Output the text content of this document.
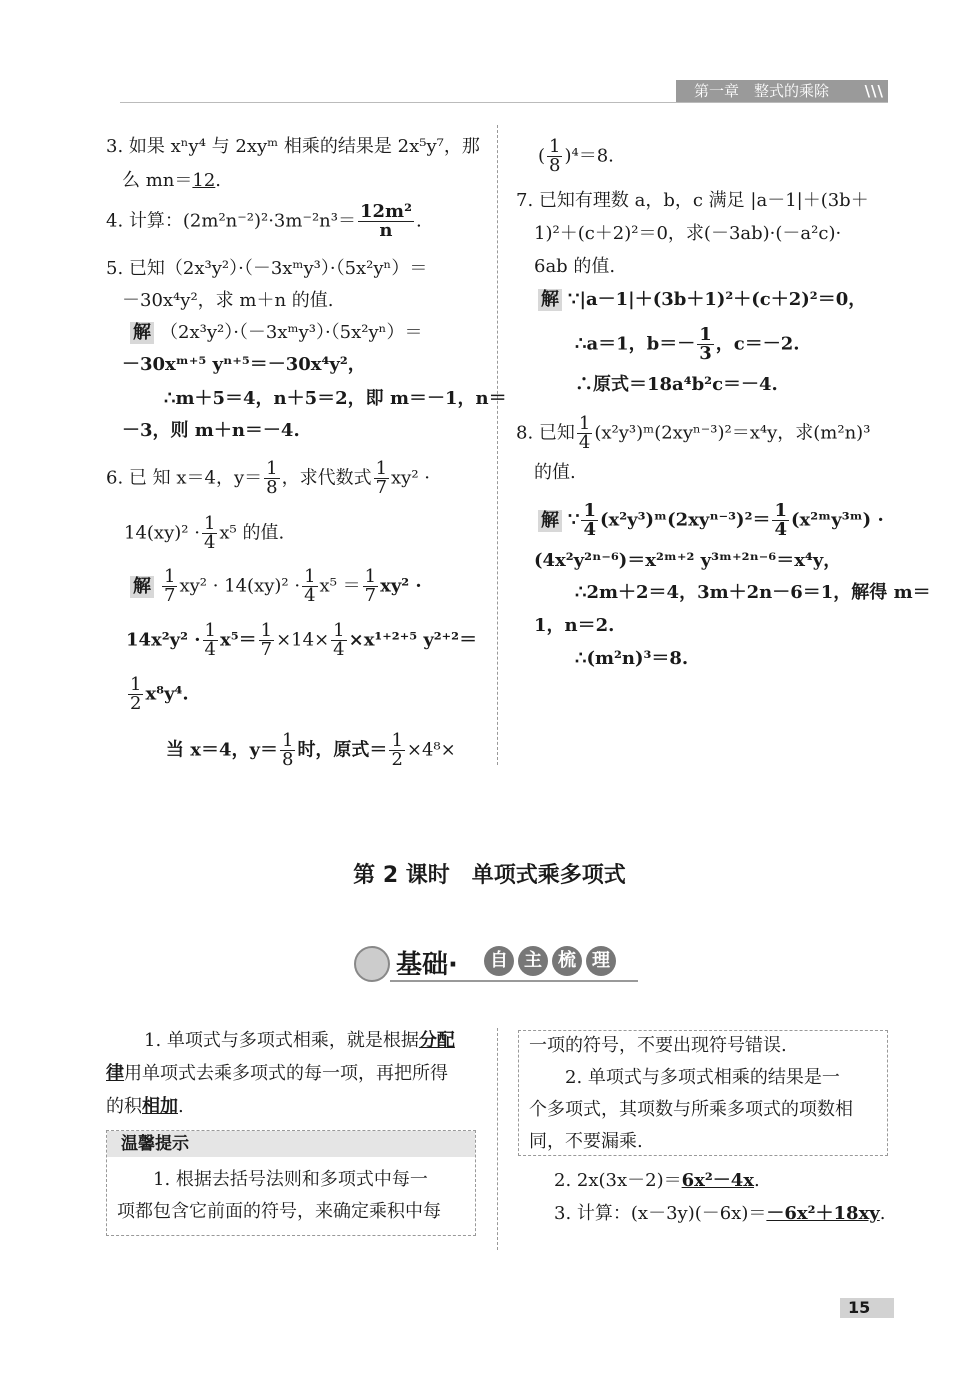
第一章　整式的乘除 \\\
3. 如果 xⁿy⁴ 与 2xyᵐ 相乘的结果是 2x⁵y⁷，那
么 mn＝12.
4. 计算：$(2m^2n^{-2})^2\cdot 3m^{-2}n^3= \frac{\text{12m²}}{n}$ .
5. 已知（2x³y²）·（－3xᵐy³）·（5x²yⁿ）＝
－30x⁴y²，求 m＋n 的值.
解 （2x³y²）·（－3xᵐy³）·（5x²yⁿ）＝
－30xᵐ⁺⁵ yⁿ⁺⁵＝－30x⁴y²，
∴m＋5＝4，n＋5＝2，即 m＝－1，n＝
－3，则 m＋n＝－4.
6. 已 知 x＝4，$y= \frac{1}{8}$ ，求代数式 $\frac{1}{7} xy^2$ ·
$14(xy)^2 \cdot \frac{1}{4} x^5$ 的值.
解 $\frac{1}{7} xy^2 \cdot 14(xy)^2 \cdot \frac{1}{4} x^5 = \frac{1}{7} xy^2$ ·
$14x^2y^2 \cdot \frac{1}{4} x^5= \frac{1}{7} \times 14\times \frac{1}{4} \times x^{1+2+5}$ y²⁺²＝
$\frac{1}{2} x^8y^4$.
当 x＝4，$y= \frac{1}{8}$ 时，原式＝ $\frac{1}{2} \times 4^8\times$
( $\frac{1}{8} )^4=8$.
7. 已知有理数 a，b，c 满足 |a－1|＋(3b＋
1)²＋(c＋2)²＝0，求(－3ab)·(－a²c)·
6ab 的值.
解 ∵|a－1|＋(3b＋1)²＋(c＋2)²＝0，
∴a＝1，$b=- \frac{1}{3}$ ，c＝－2.
∴原式＝18a⁴b²c＝－4.
8. 已知 $\frac{1}{4}$ (x²y³)ᵐ(2xyⁿ⁻³)²＝x⁴y，求(m²n)³
的值.
解 ∵ $\frac{1}{4}$ (x²y³)ᵐ(2xyⁿ⁻³)²＝ $\frac{1}{4}$ (x²ᵐy³ᵐ) ·
(4x²y²ⁿ⁻⁶)＝x²ᵐ⁺² y³ᵐ⁺²ⁿ⁻⁶＝x⁴y，
∴2m＋2＝4，3m＋2n－6＝1，解得 m＝
1，n＝2.
∴(m²n)³＝8.
第 2 课时　单项式乘多项式
基础·	自 主 梳 理
1. 单项式与多项式相乘，就是根据分配
律用单项式去乘多项式的每一项，再把所得
的积相加.
温馨提示
1. 根据去括号法则和多项式中每一
项都包含它前面的符号，来确定乘积中每
一项的符号，不要出现符号错误.
2. 单项式与多项式相乘的结果是一
个多项式，其项数与所乘多项式的项数相
同，不要漏乘.
2. 2x(3x－2)＝6x²－4x.
3. 计算：(x－3y)(－6x)＝－6x²＋18xy.
15
